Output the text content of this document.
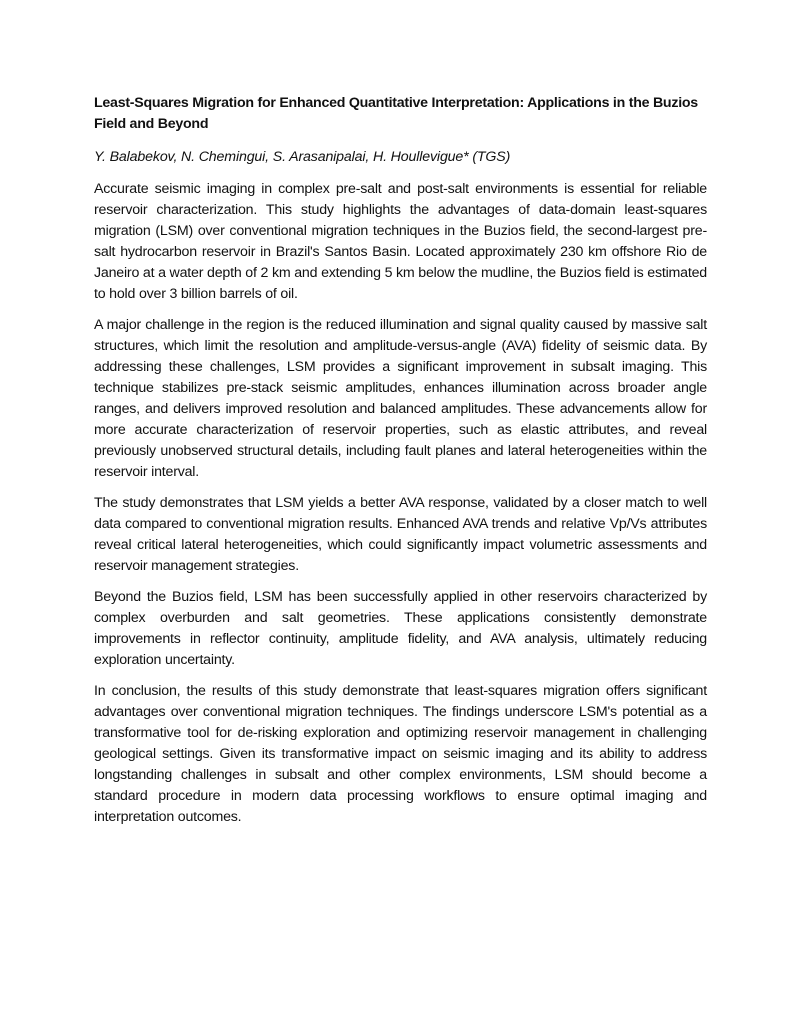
Least-Squares Migration for Enhanced Quantitative Interpretation: Applications in the Buzios Field and Beyond
Y. Balabekov, N. Chemingui, S. Arasanipalai, H. Houllevigue* (TGS)

Accurate seismic imaging in complex pre-salt and post-salt environments is essential for reliable reservoir characterization. This study highlights the advantages of data-domain least-squares migration (LSM) over conventional migration techniques in the Buzios field, the second-largest pre-salt hydrocarbon reservoir in Brazil's Santos Basin. Located approximately 230 km offshore Rio de Janeiro at a water depth of 2 km and extending 5 km below the mudline, the Buzios field is estimated to hold over 3 billion barrels of oil.

A major challenge in the region is the reduced illumination and signal quality caused by massive salt structures, which limit the resolution and amplitude-versus-angle (AVA) fidelity of seismic data. By addressing these challenges, LSM provides a significant improvement in subsalt imaging. This technique stabilizes pre-stack seismic amplitudes, enhances illumination across broader angle ranges, and delivers improved resolution and balanced amplitudes. These advancements allow for more accurate characterization of reservoir properties, such as elastic attributes, and reveal previously unobserved structural details, including fault planes and lateral heterogeneities within the reservoir interval.

The study demonstrates that LSM yields a better AVA response, validated by a closer match to well data compared to conventional migration results. Enhanced AVA trends and relative Vp/Vs attributes reveal critical lateral heterogeneities, which could significantly impact volumetric assessments and reservoir management strategies.

Beyond the Buzios field, LSM has been successfully applied in other reservoirs characterized by complex overburden and salt geometries. These applications consistently demonstrate improvements in reflector continuity, amplitude fidelity, and AVA analysis, ultimately reducing exploration uncertainty.

In conclusion, the results of this study demonstrate that least-squares migration offers significant advantages over conventional migration techniques. The findings underscore LSM's potential as a transformative tool for de-risking exploration and optimizing reservoir management in challenging geological settings. Given its transformative impact on seismic imaging and its ability to address longstanding challenges in subsalt and other complex environments, LSM should become a standard procedure in modern data processing workflows to ensure optimal imaging and interpretation outcomes.
